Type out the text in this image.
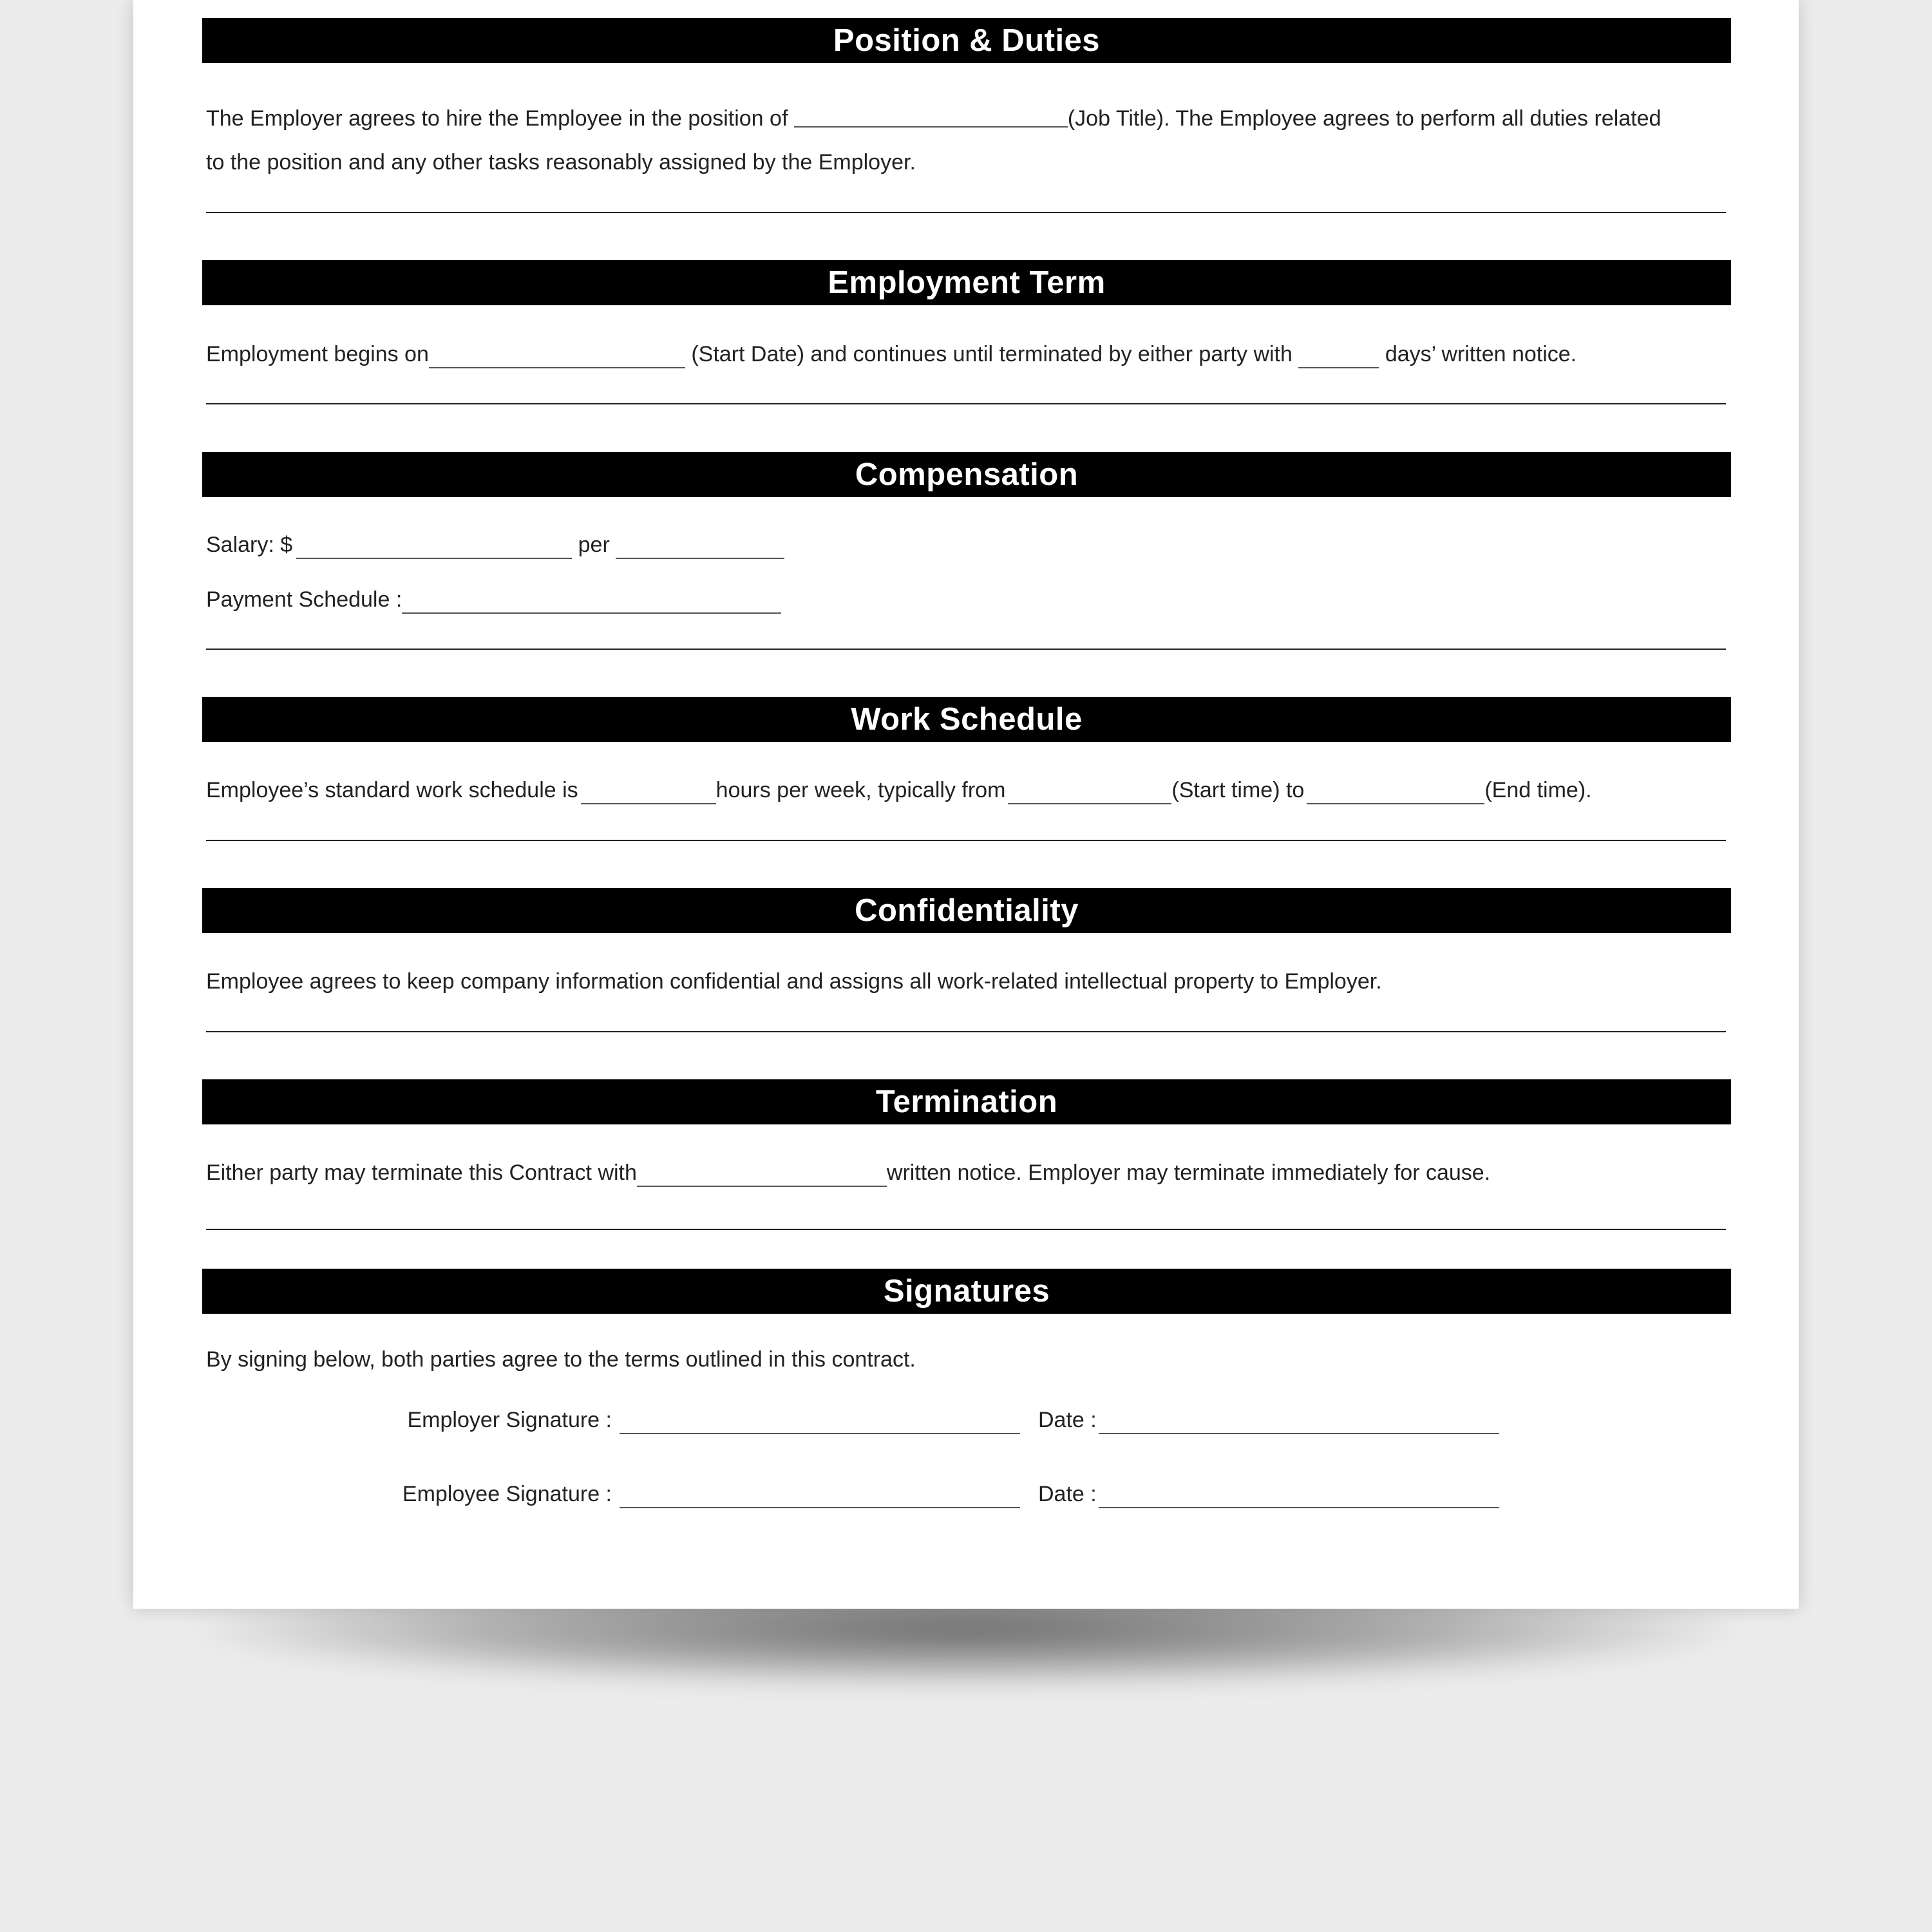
Position & Duties
The Employer agrees to hire the Employee in the position of	(Job Title). The Employee agrees to perform all duties related
to the position and any other tasks reasonably assigned by the Employer.
Employment Term
Employment begins on	(Start Date) and continues until terminated by either party with	days’ written notice.
Compensation
Salary: $	per
Payment Schedule :
Work Schedule
Employee’s standard work schedule is	hours per week, typically from	(Start time) to	(End time).
Confidentiality
Employee agrees to keep company information confidential and assigns all work-related intellectual property to Employer.
Termination
Either party may terminate this Contract with	written notice. Employer may terminate immediately for cause.
Signatures
By signing below, both parties agree to the terms outlined in this contract.
Employer Signature :	Date :
Employee Signature :	Date :
